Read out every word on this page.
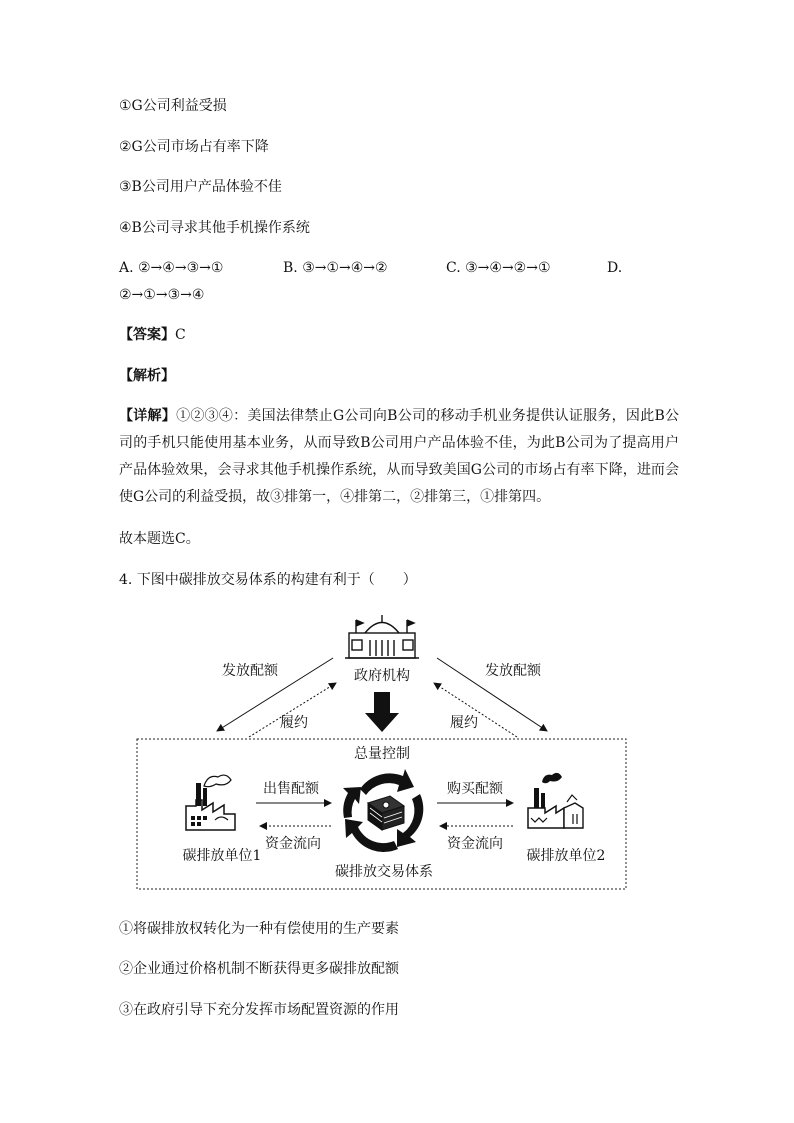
①G公司利益受损
②G公司市场占有率下降
③B公司用户产品体验不佳
④B公司寻求其他手机操作系统
A. ②→④→③→①	B. ③→①→④→②	C. ③→④→②→①	D.
②→①→③→④
【答案】C
【解析】
【详解】①②③④：美国法律禁止G公司向B公司的移动手机业务提供认证服务，因此B公司的手机只能使用基本业务，从而导致B公司用户产品体验不佳，为此B公司为了提高用户产品体验效果，会寻求其他手机操作系统，从而导致美国G公司的市场占有率下降，进而会使G公司的利益受损，故③排第一，④排第二，②排第三，①排第四。
故本题选C。
4. 下图中碳排放交易体系的构建有利于（　　）
政府机构
发放配额	发放配额
履约	履约
总量控制
出售配额	购买配额
资金流向	资金流向
碳排放单位1	碳排放单位2
碳排放交易体系
①将碳排放权转化为一种有偿使用的生产要素
②企业通过价格机制不断获得更多碳排放配额
③在政府引导下充分发挥市场配置资源的作用
